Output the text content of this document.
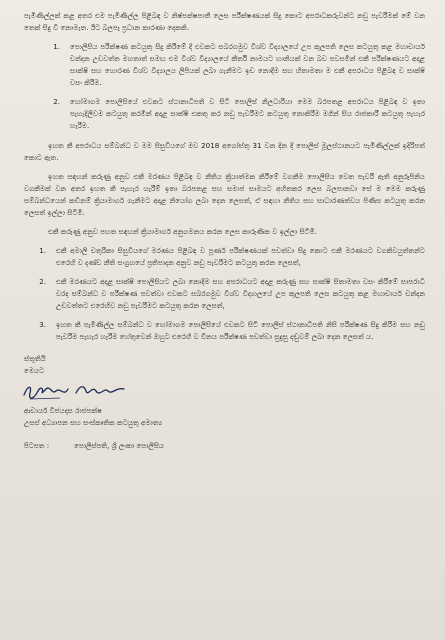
පැමිණිල්ලක් කළ අතර එම පැමිණිල්ල පිළිබඳ ව නිෂ්පක්ෂපාතී ලෙස පරීක්ෂණයක් සිදු කොට අපරාධකරුවන්ට නඩු පැවරීමක් මේ වන තෙක් සිදු වී නොමැත. ඊට බලපෑ ප්‍රධාන කාරණා දෙකකි.

1.	පොලිසිය පරීක්ෂණ කටයුතු සිදු කිරීමේ දී එවකට සබරගමුව විශ්ව විද්‍යාලයේ උප කුලපති ලෙස කටයුතු කළ මහාචාර්ය චන්දන උඩවත්ත මහතාත් සමඟ එම විශ්ව විද්‍යාලයේ කීර්ති නාමයට හානියක් වන බව පවසමින් එකී පරීක්ෂණයට අදාළ සාක්ෂි සහ හොරණ විශ්ව විද්‍යාලය ලිපියක් ලබා ගැනීමට ඉඩ නොදීම සහ හිතාමතා ම එකී අපරාධය පිළිබඳ ව සාක්ෂි වසං කිරීම.
2.	හෝමාගම පොලිසියේ එවකට ස්ථානාධිපති ව සිටි පොලිස් නිලධාරියා මෙම බරපතළ අපරාධය පිළිබඳ ව ඉතා පැහැදිලිවම කටයුතු කරමින් අදාළ සාක්ෂි එකතු කර නඩු පැවරීමට කටයුතු නොකිරීම මගින් සිය රාජකාරී කටයුතු පැහැර හැරීම.

ඉහත කී අපරාධය සම්බන්ධ ව මම සිසුවියගේ මව 2018 අගෝස්තු 31 වන දින දී පොලිස් මූලස්ථානයට පැමිණිල්ලක් ඉදිරිපත් කොට ඇත.

ඉහත සඳහන් කරුණු අනුව එකී මරණය පිළිබඳ ව නීතිය ක්‍රියාත්මක කිරීමේ වගකීම පොලිසිය වෙත පැවරී ඇති අනුරූපිනිය වගකීමක් වන අතර ඉහත කී පැහැර හැරීම් ඉතා බරපතළ සහ සමාජ සාමයට අහිතකර ලෙස බලපානවා සේ ම මෙම කරුණු සම්බන්ධයෙන් කඩිනම් ක්‍රියාමාර්ග ගැනීමට අදාළ නියෝග ලබා දෙන ලෙසත්, ඒ සඳහා නීතිය සහ සාධාරණත්වය පිණිස කටයුතු කරන ලෙසත් ඉල්ලා සිටිමි.

එකී කරුණු අනුව පහත සඳහන් ක්‍රියාමාර්ග අනුගමනය කරන ලෙස කාරුණික ව ඉල්ලා සිටිමි.

1.	එකී අමාලි චතුරිකා සිසුවියගේ මරණය පිළිබඳ ව පූර්ණ පරීක්ෂණයක් පවත්වා සිදු කොට එකී මරණයට වගකිවයුත්තන්ට එරෙහි ව දණ්ඩ නීති සංග්‍රහයේ ප්‍රතිපාදන අනුව නඩු පැවරීමට කටයුතු කරන ලෙසත්,
2.	එකී මරණයට අදාළ සාක්ෂි පොලිසියට ලබා නොදීම සහ අපරාධයට අදාළ කරුණු සහ සාක්ෂි සිතාමතා වසං කිරීමේ සාපරාධී වරද සම්බන්ධ ව පරීක්ෂණ පවත්වා එවකට සබරගමුව විශ්ව විද්‍යාලයේ උප කුලපති ලෙස කටයුතු කළ මහාචාර්ය චන්දන උඩවත්තට එරෙහිව නඩු පැවරීමට කටයුතු කරන ලෙසත්,
3.	ඉහත කී පැමිණිල්ල සම්බන්ධ ව හෝමාගම පොලිසියේ එවකට සිටි පොලිස් ස්ථානාධිපති නිසි පරීක්ෂණ සිදු කිරීම සහ නඩු පැවරීම පැහැර හැරීම හේතුවෙන් ඔහුට එරෙහි ව විනය පරීක්ෂණ පවත්වා සුදුසු දඬුවම් ලබා දෙන ලෙසත් ය.

ස්තූතියි

මෙයට

ආචාර්ය විජයදාස රාජපක්ෂ

උසස් අධ්‍යාපන සහ සංස්කෘතික කටයුතු අමාත්‍ය

පිටපත :	පොලිස්පති, ශ්‍රී ලංකා පොලිසිය
